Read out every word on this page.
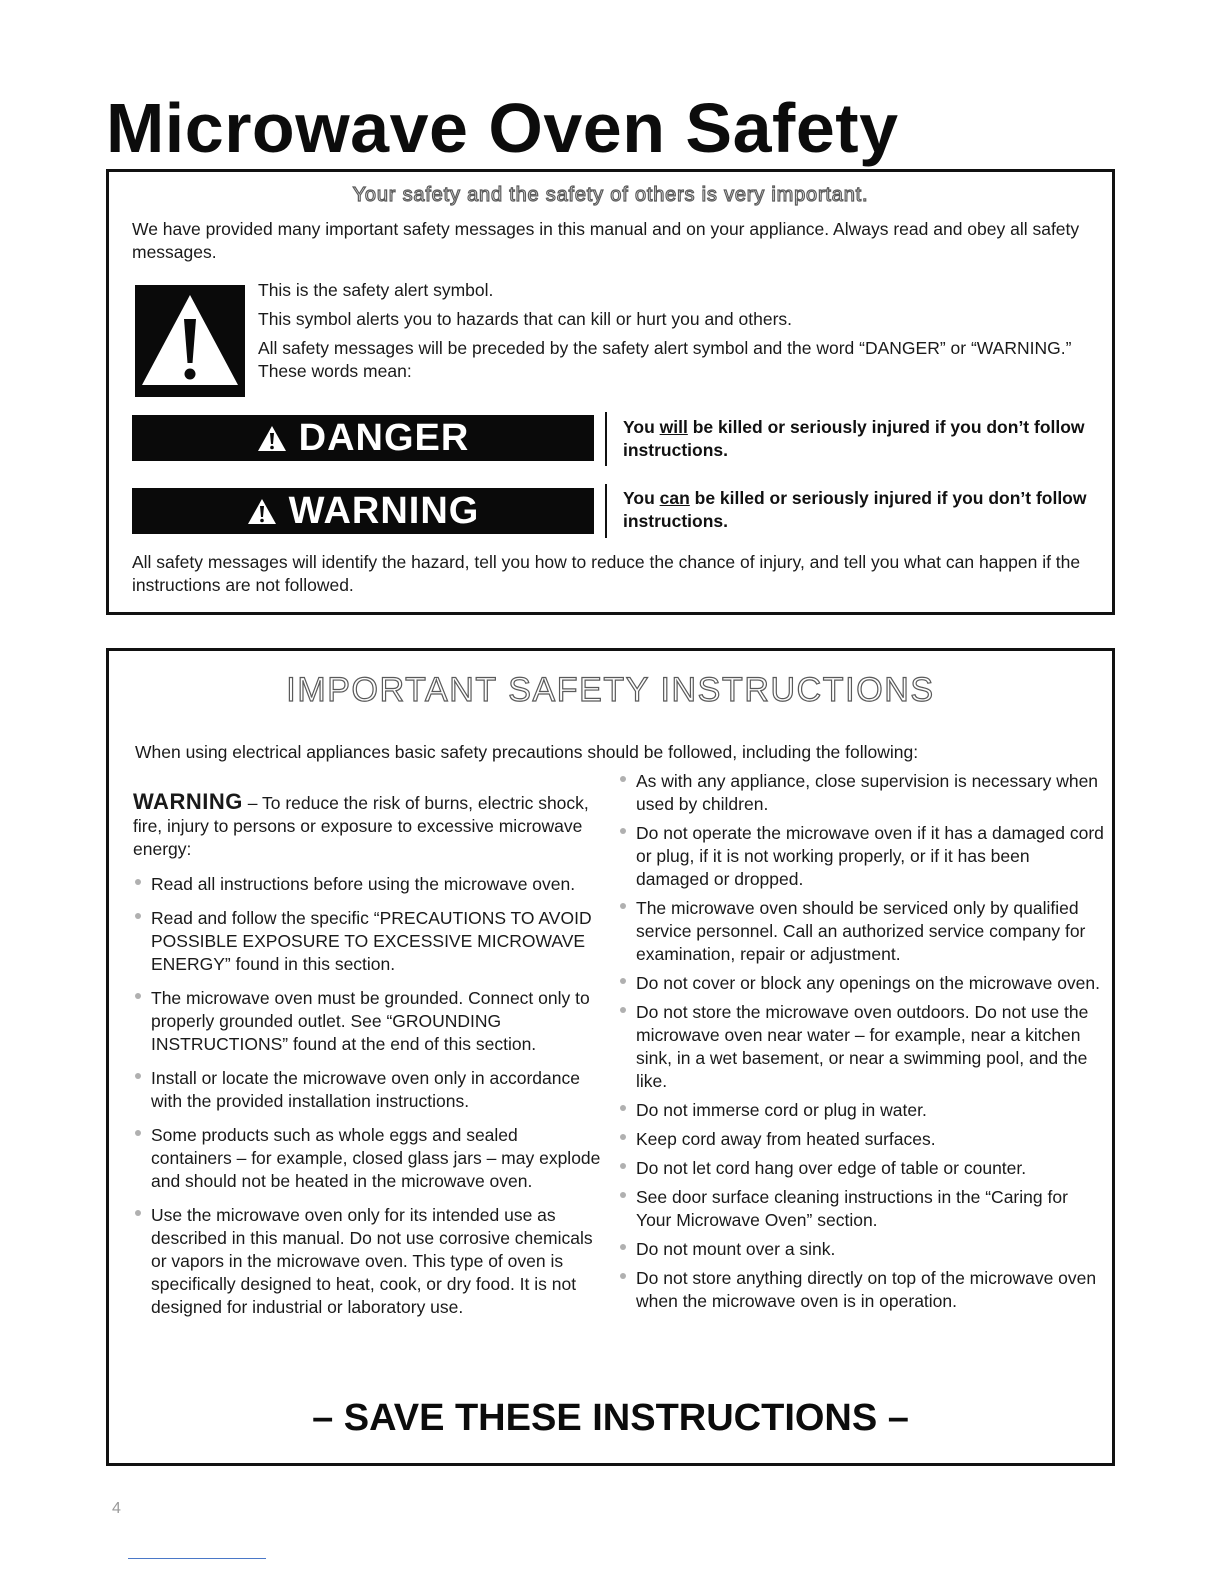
Microwave Oven Safety
Your safety and the safety of others is very important.
We have provided many important safety messages in this manual and on your appliance. Always read and obey all safety messages.

This is the safety alert symbol.

This symbol alerts you to hazards that can kill or hurt you and others.

All safety messages will be preceded by the safety alert symbol and the word “DANGER” or “WARNING.” These words mean:

DANGER	You will be killed or seriously injured if you don’t follow instructions.
WARNING	You can be killed or seriously injured if you don’t follow instructions.
All safety messages will identify the hazard, tell you how to reduce the chance of injury, and tell you what can happen if the instructions are not followed.
IMPORTANT SAFETY INSTRUCTIONS
When using electrical appliances basic safety precautions should be followed, including the following:

WARNING – To reduce the risk of burns, electric shock, fire, injury to persons or exposure to excessive microwave energy:

Read all instructions before using the microwave oven.
Read and follow the specific “PRECAUTIONS TO AVOID POSSIBLE EXPOSURE TO EXCESSIVE MICROWAVE ENERGY” found in this section.
The microwave oven must be grounded. Connect only to properly grounded outlet. See “GROUNDING INSTRUCTIONS” found at the end of this section.
Install or locate the microwave oven only in accordance with the provided installation instructions.
Some products such as whole eggs and sealed containers – for example, closed glass jars – may explode and should not be heated in the microwave oven.
Use the microwave oven only for its intended use as described in this manual. Do not use corrosive chemicals or vapors in the microwave oven. This type of oven is specifically designed to heat, cook, or dry food. It is not designed for industrial or laboratory use.
As with any appliance, close supervision is necessary when used by children.
Do not operate the microwave oven if it has a damaged cord or plug, if it is not working properly, or if it has been damaged or dropped.
The microwave oven should be serviced only by qualified service personnel. Call an authorized service company for examination, repair or adjustment.
Do not cover or block any openings on the microwave oven.
Do not store the microwave oven outdoors. Do not use the microwave oven near water – for example, near a kitchen sink, in a wet basement, or near a swimming pool, and the like.
Do not immerse cord or plug in water.
Keep cord away from heated surfaces.
Do not let cord hang over edge of table or counter.
See door surface cleaning instructions in the “Caring for Your Microwave Oven” section.
Do not mount over a sink.
Do not store anything directly on top of the microwave oven when the microwave oven is in operation.
– SAVE THESE INSTRUCTIONS –
4
